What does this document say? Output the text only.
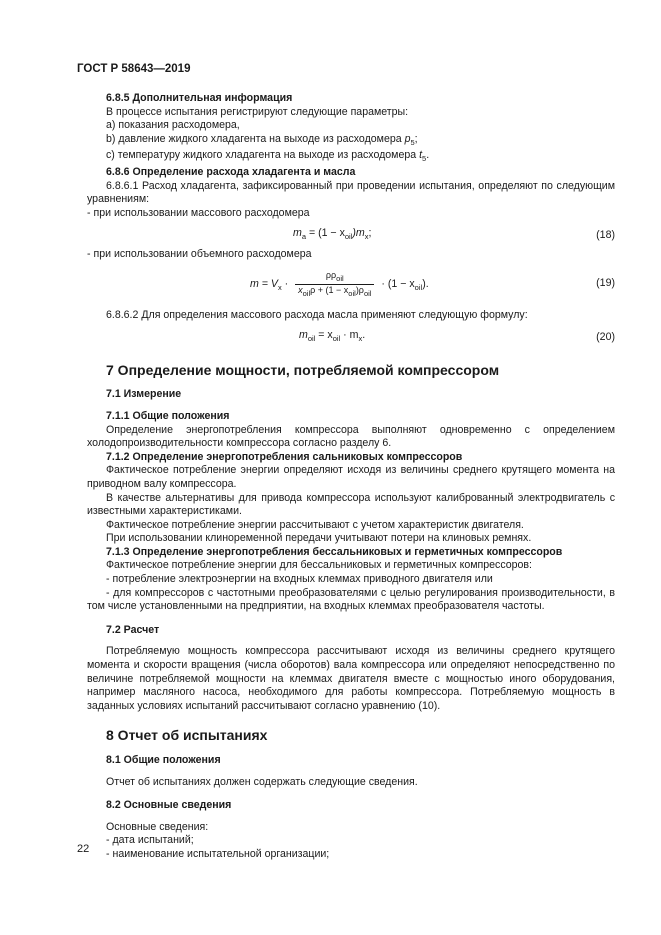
ГОСТ Р 58643—2019

6.8.5 Дополнительная информация

В процессе испытания регистрируют следующие параметры:

а) показания расходомера,

b) давление жидкого хладагента на выходе из расходомера $p_5$;

c) температуру жидкого хладагента на выходе из расходомера $t_5$.

6.8.6 Определение расхода хладагента и масла

6.8.6.1 Расход хладагента, зафиксированный при проведении испытания, определяют по следующим уравнениям:

- при использовании массового расходомера

$m_a = (1 - x_{oil})m_x$;	(18)

- при использовании объемного расходомера

$m = V_x \cdot \frac{\rho\rho_{oil}}{x_{oil}\rho + (1 - x_{oil})\rho_{oil}} \cdot (1 - x_{oil})$.	(19)

6.8.6.2 Для определения массового расхода масла применяют следующую формулу:

$m_{oil} = x_{oil} \cdot m_x$.	(20)

7 Определение мощности, потребляемой компрессором

7.1 Измерение

7.1.1 Общие положения

Определение энергопотребления компрессора выполняют одновременно с определением холодопроизводительности компрессора согласно разделу 6.

7.1.2 Определение энергопотребления сальниковых компрессоров

Фактическое потребление энергии определяют исходя из величины среднего крутящего момента на приводном валу компрессора.

В качестве альтернативы для привода компрессора используют калиброванный электродвигатель с известными характеристиками.

Фактическое потребление энергии рассчитывают с учетом характеристик двигателя.

При использовании клиноременной передачи учитывают потери на клиновых ремнях.

7.1.3 Определение энергопотребления бессальниковых и герметичных компрессоров

Фактическое потребление энергии для бессальниковых и герметичных компрессоров:

- потребление электроэнергии на входных клеммах приводного двигателя или

- для компрессоров с частотными преобразователями с целью регулирования производительности, в том числе установленными на предприятии, на входных клеммах преобразователя частоты.

7.2 Расчет

Потребляемую мощность компрессора рассчитывают исходя из величины среднего крутящего момента и скорости вращения (числа оборотов) вала компрессора или определяют непосредственно по величине потребляемой мощности на клеммах двигателя вместе с мощностью иного оборудования, например масляного насоса, необходимого для работы компрессора. Потребляемую мощность в заданных условиях испытаний рассчитывают согласно уравнению (10).

8 Отчет об испытаниях

8.1 Общие положения

Отчет об испытаниях должен содержать следующие сведения.

8.2 Основные сведения

Основные сведения:

- дата испытаний;

- наименование испытательной организации;

22
